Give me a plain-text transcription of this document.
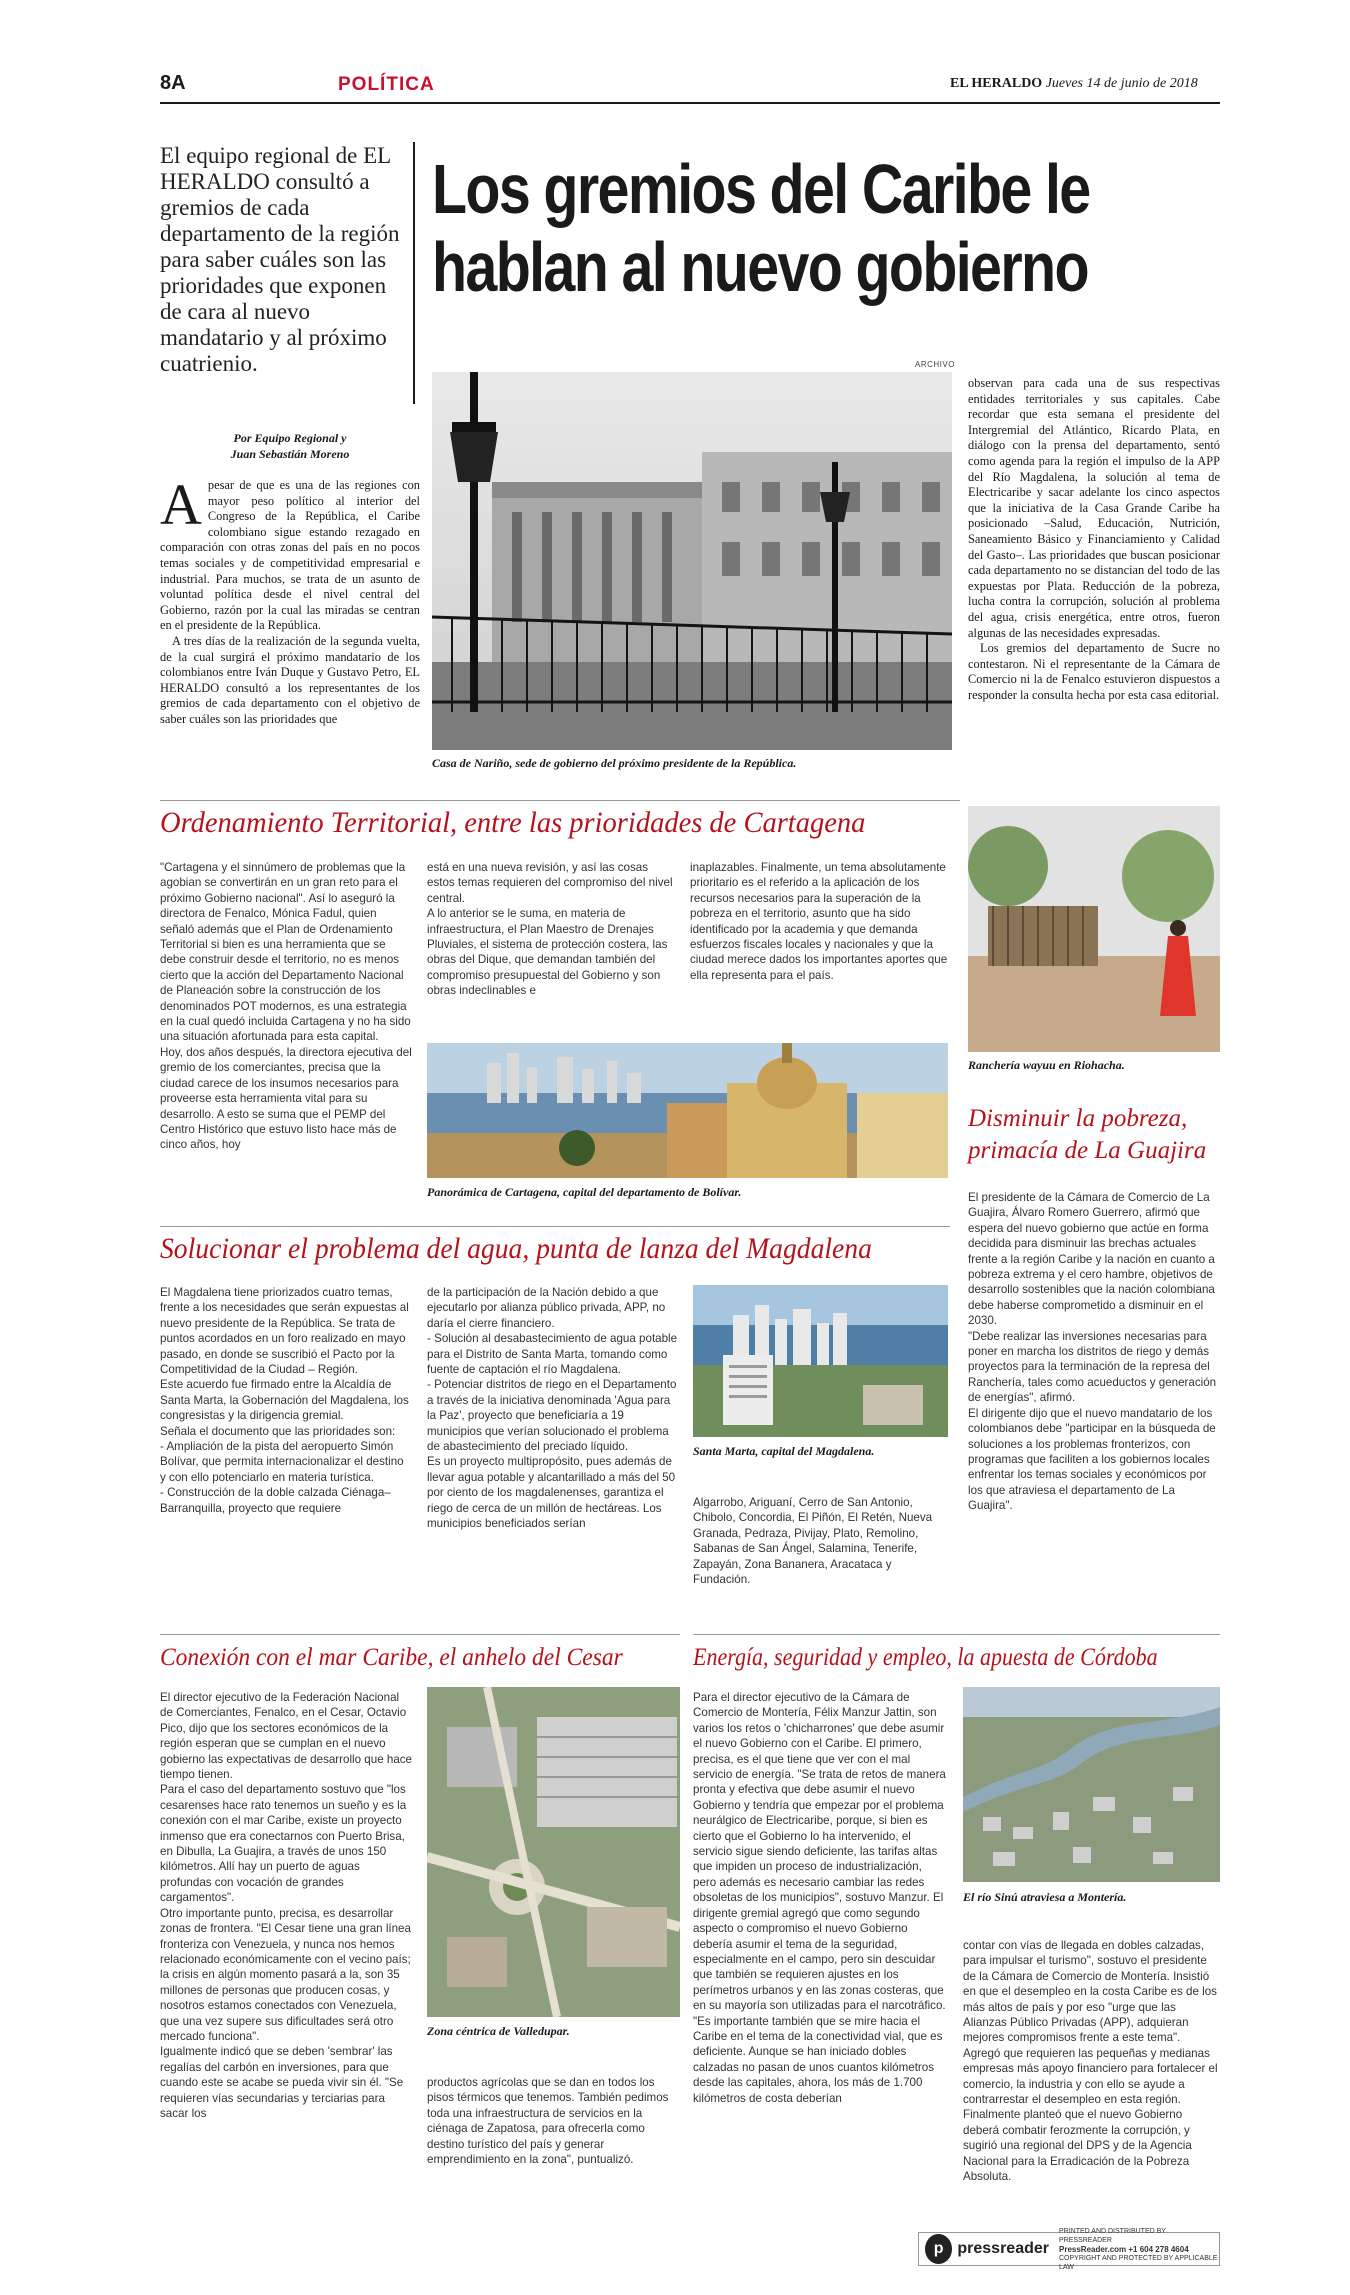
8A	POLÍTICA	EL HERALDO Jueves 14 de junio de 2018
El equipo regional de EL HERALDO consultó a gremios de cada departamento de la región para saber cuáles son las prioridades que exponen de cara al nuevo mandatario y al próximo cuatrienio.
Los gremios del Caribe le
hablan al nuevo gobierno
Por Equipo Regional y
Juan Sebastián Moreno
A pesar de que es una de las regiones con mayor peso político al interior del Congreso de la República, el Caribe colombiano sigue estando rezagado en comparación con otras zonas del país en no pocos temas sociales y de competitividad empresarial e industrial. Para muchos, se trata de un asunto de voluntad política desde el nivel central del Gobierno, razón por la cual las miradas se centran en el presidente de la República.

A tres días de la realización de la segunda vuelta, de la cual surgirá el próximo mandatario de los colombianos entre Iván Duque y Gustavo Petro, EL HERALDO consultó a los representantes de los gremios de cada departamento con el objetivo de saber cuáles son las prioridades que

ARCHIVO
Casa de Nariño, sede de gobierno del próximo presidente de la República.

observan para cada una de sus respectivas entidades territoriales y sus capitales. Cabe recordar que esta semana el presidente del Intergremial del Atlántico, Ricardo Plata, en diálogo con la prensa del departamento, sentó como agenda para la región el impulso de la APP del Río Magdalena, la solución al tema de Electricaribe y sacar adelante los cinco aspectos que la iniciativa de la Casa Grande Caribe ha posicionado –Salud, Educación, Nutrición, Saneamiento Básico y Financiamiento y Calidad del Gasto–. Las prioridades que buscan posicionar cada departamento no se distancian del todo de las expuestas por Plata. Reducción de la pobreza, lucha contra la corrupción, solución al problema del agua, crisis energética, entre otros, fueron algunas de las necesidades expresadas.

Los gremios del departamento de Sucre no contestaron. Ni el representante de la Cámara de Comercio ni la de Fenalco estuvieron dispuestos a responder la consulta hecha por esta casa editorial.

Ordenamiento Territorial, entre las prioridades de Cartagena

"Cartagena y el sinnúmero de problemas que la agobian se convertirán en un gran reto para el próximo Gobierno nacional". Así lo aseguró la directora de Fenalco, Mónica Fadul, quien señaló además que el Plan de Ordenamiento Territorial si bien es una herramienta que se debe construir desde el territorio, no es menos cierto que la acción del Departamento Nacional de Planeación sobre la construcción de los denominados POT modernos, es una estrategia en la cual quedó incluida Cartagena y no ha sido una situación afortunada para esta capital.

Hoy, dos años después, la directora ejecutiva del gremio de los comerciantes, precisa que la ciudad carece de los insumos necesarios para proveerse esta herramienta vital para su desarrollo. A esto se suma que el PEMP del Centro Histórico que estuvo listo hace más de cinco años, hoy

está en una nueva revisión, y así las cosas estos temas requieren del compromiso del nivel central.

A lo anterior se le suma, en materia de infraestructura, el Plan Maestro de Drenajes Pluviales, el sistema de protección costera, las obras del Dique, que demandan también del compromiso presupuestal del Gobierno y son obras indeclinables e

inaplazables. Finalmente, un tema absolutamente prioritario es el referido a la aplicación de los recursos necesarios para la superación de la pobreza en el territorio, asunto que ha sido identificado por la academia y que demanda esfuerzos fiscales locales y nacionales y que la ciudad merece dados los importantes aportes que ella representa para el país.

Panorámica de Cartagena, capital del departamento de Bolívar.
Ranchería wayuu en Riohacha.
Disminuir la pobreza,
primacía de La Guajira

El presidente de la Cámara de Comercio de La Guajira, Álvaro Romero Guerrero, afirmó que espera del nuevo gobierno que actúe en forma decidida para disminuir las brechas actuales frente a la región Caribe y la nación en cuanto a pobreza extrema y el cero hambre, objetivos de desarrollo sostenibles que la nación colombiana debe haberse comprometido a disminuir en el 2030.

"Debe realizar las inversiones necesarias para poner en marcha los distritos de riego y demás proyectos para la terminación de la represa del Ranchería, tales como acueductos y generación de energías", afirmó.

El dirigente dijo que el nuevo mandatario de los colombianos debe "participar en la búsqueda de soluciones a los problemas fronterizos, con programas que faciliten a los gobiernos locales enfrentar los temas sociales y económicos por los que atraviesa el departamento de La Guajira".

Solucionar el problema del agua, punta de lanza del Magdalena

El Magdalena tiene priorizados cuatro temas, frente a los necesidades que serán expuestas al nuevo presidente de la República. Se trata de puntos acordados en un foro realizado en mayo pasado, en donde se suscribió el Pacto por la Competitividad de la Ciudad – Región.

Este acuerdo fue firmado entre la Alcaldía de Santa Marta, la Gobernación del Magdalena, los congresistas y la dirigencia gremial.

Señala el documento que las prioridades son:

- Ampliación de la pista del aeropuerto Simón Bolívar, que permita internacionalizar el destino y con ello potenciarlo en materia turística.

- Construcción de la doble calzada Ciénaga–Barranquilla, proyecto que requiere

de la participación de la Nación debido a que ejecutarlo por alianza público privada, APP, no daría el cierre financiero.

- Solución al desabastecimiento de agua potable para el Distrito de Santa Marta, tomando como fuente de captación el río Magdalena.

- Potenciar distritos de riego en el Departamento a través de la iniciativa denominada 'Agua para la Paz', proyecto que beneficiaría a 19 municipios que verían solucionado el problema de abastecimiento del preciado líquido.

Es un proyecto multipropósito, pues además de llevar agua potable y alcantarillado a más del 50 por ciento de los magdalenenses, garantiza el riego de cerca de un millón de hectáreas. Los municipios beneficiados serían

Santa Marta, capital del Magdalena.

Algarrobo, Ariguaní, Cerro de San Antonio, Chibolo, Concordia, El Piñón, El Retén, Nueva Granada, Pedraza, Pivijay, Plato, Remolino, Sabanas de San Ángel, Salamina, Tenerife, Zapayán, Zona Bananera, Aracataca y Fundación.

Conexión con el mar Caribe, el anhelo del Cesar

El director ejecutivo de la Federación Nacional de Comerciantes, Fenalco, en el Cesar, Octavio Pico, dijo que los sectores económicos de la región esperan que se cumplan en el nuevo gobierno las expectativas de desarrollo que hace tiempo tienen.

Para el caso del departamento sostuvo que "los cesarenses hace rato tenemos un sueño y es la conexión con el mar Caribe, existe un proyecto inmenso que era conectarnos con Puerto Brisa, en Dibulla, La Guajira, a través de unos 150 kilómetros. Allí hay un puerto de aguas profundas con vocación de grandes cargamentos".

Otro importante punto, precisa, es desarrollar zonas de frontera. "El Cesar tiene una gran línea fronteriza con Venezuela, y nunca nos hemos relacionado económicamente con el vecino país; la crisis en algún momento pasará a la, son 35 millones de personas que producen cosas, y nosotros estamos conectados con Venezuela, que una vez supere sus dificultades será otro mercado funciona".

Igualmente indicó que se deben 'sembrar' las regalías del carbón en inversiones, para que cuando este se acabe se pueda vivir sin él. "Se requieren vías secundarias y terciarias para sacar los

Zona céntrica de Valledupar.

productos agrícolas que se dan en todos los pisos térmicos que tenemos. También pedimos toda una infraestructura de servicios en la ciénaga de Zapatosa, para ofrecerla como destino turístico del país y generar emprendimiento en la zona", puntualizó.

Energía, seguridad y empleo, la apuesta de Córdoba

Para el director ejecutivo de la Cámara de Comercio de Montería, Félix Manzur Jattin, son varios los retos o 'chicharrones' que debe asumir el nuevo Gobierno con el Caribe. El primero, precisa, es el que tiene que ver con el mal servicio de energía. "Se trata de retos de manera pronta y efectiva que debe asumir el nuevo Gobierno y tendría que empezar por el problema neurálgico de Electricaribe, porque, si bien es cierto que el Gobierno lo ha intervenido, el servicio sigue siendo deficiente, las tarifas altas que impiden un proceso de industrialización, pero además es necesario cambiar las redes obsoletas de los municipios", sostuvo Manzur. El dirigente gremial agregó que como segundo aspecto o compromiso el nuevo Gobierno debería asumir el tema de la seguridad, especialmente en el campo, pero sin descuidar que también se requieren ajustes en los perímetros urbanos y en las zonas costeras, que en su mayoría son utilizadas para el narcotráfico. "Es importante también que se mire hacia el Caribe en el tema de la conectividad vial, que es deficiente. Aunque se han iniciado dobles calzadas no pasan de unos cuantos kilómetros desde las capitales, ahora, los más de 1.700 kilómetros de costa deberían

El río Sinú atraviesa a Montería.

contar con vías de llegada en dobles calzadas, para impulsar el turismo", sostuvo el presidente de la Cámara de Comercio de Montería. Insistió en que el desempleo en la costa Caribe es de los más altos de país y por eso "urge que las Alianzas Público Privadas (APP), adquieran mejores compromisos frente a este tema". Agregó que requieren las pequeñas y medianas empresas más apoyo financiero para fortalecer el comercio, la industria y con ello se ayude a contrarrestar el desempleo en esta región. Finalmente planteó que el nuevo Gobierno deberá combatir ferozmente la corrupción, y sugirió una regional del DPS y de la Agencia Nacional para la Erradicación de la Pobreza Absoluta.

p pressreader
PRINTED AND DISTRIBUTED BY PRESSREADER
PressReader.com +1 604 278 4604
COPYRIGHT AND PROTECTED BY APPLICABLE LAW
